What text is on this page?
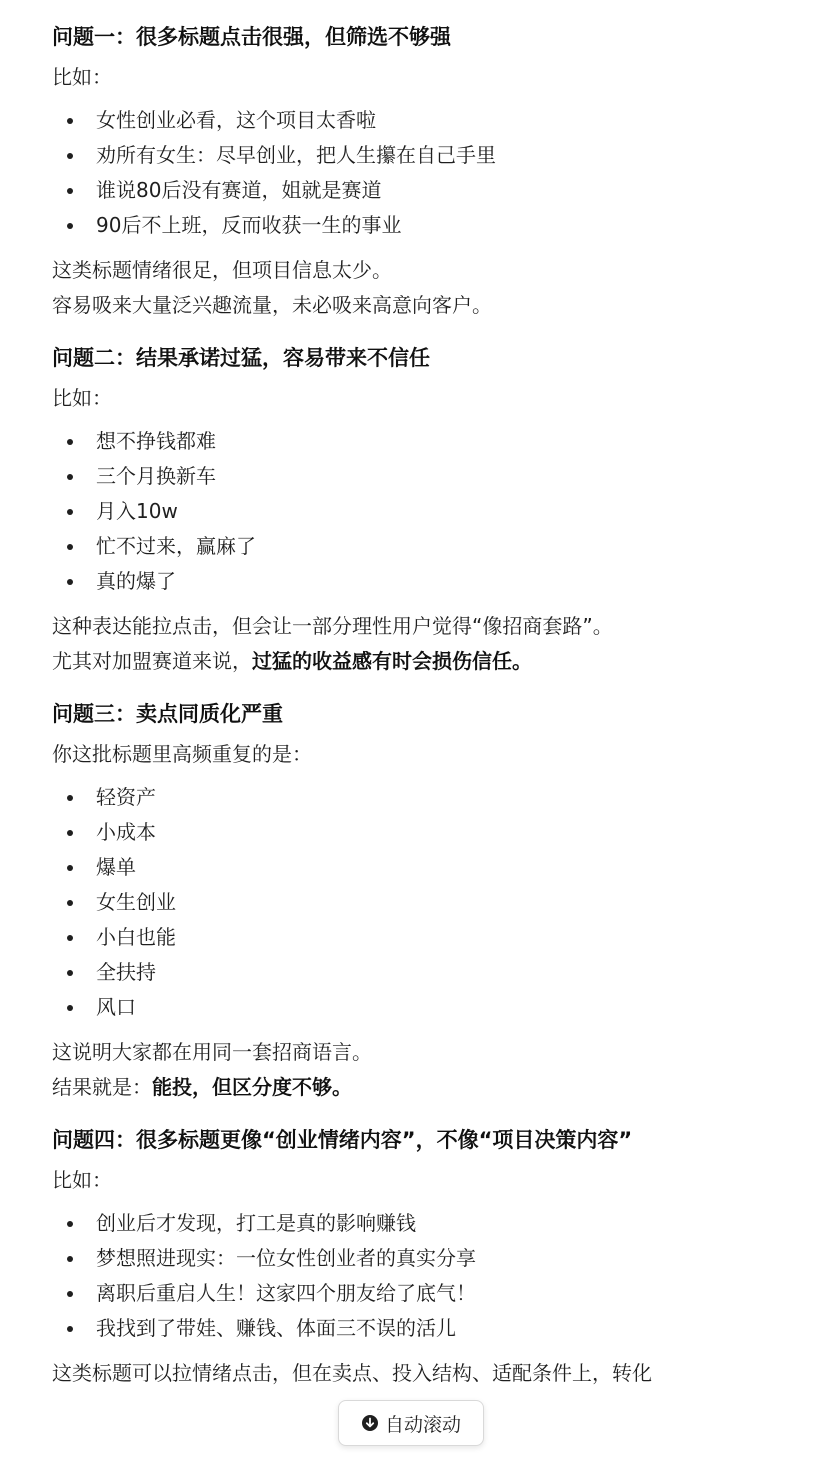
问题一：很多标题点击很强，但筛选不够强

比如：

女性创业必看，这个项目太香啦
劝所有女生：尽早创业，把人生攥在自己手里
谁说80后没有赛道，姐就是赛道
90后不上班，反而收获一生的事业

这类标题情绪很足，但项目信息太少。

容易吸来大量泛兴趣流量，未必吸来高意向客户。

问题二：结果承诺过猛，容易带来不信任

比如：

想不挣钱都难
三个月换新车
月入10w
忙不过来，赢麻了
真的爆了

这种表达能拉点击，但会让一部分理性用户觉得“像招商套路”。

尤其对加盟赛道来说，过猛的收益感有时会损伤信任。

问题三：卖点同质化严重

你这批标题里高频重复的是：

轻资产
小成本
爆单
女生创业
小白也能
全扶持
风口

这说明大家都在用同一套招商语言。

结果就是：能投，但区分度不够。

问题四：很多标题更像“创业情绪内容”，不像“项目决策内容”

比如：

创业后才发现，打工是真的影响赚钱
梦想照进现实：一位女性创业者的真实分享
离职后重启人生！这家四个朋友给了底气！
我找到了带娃、赚钱、体面三不误的活儿

这类标题可以拉情绪点击，但在卖点、投入结构、适配条件上，转化

自动滚动
